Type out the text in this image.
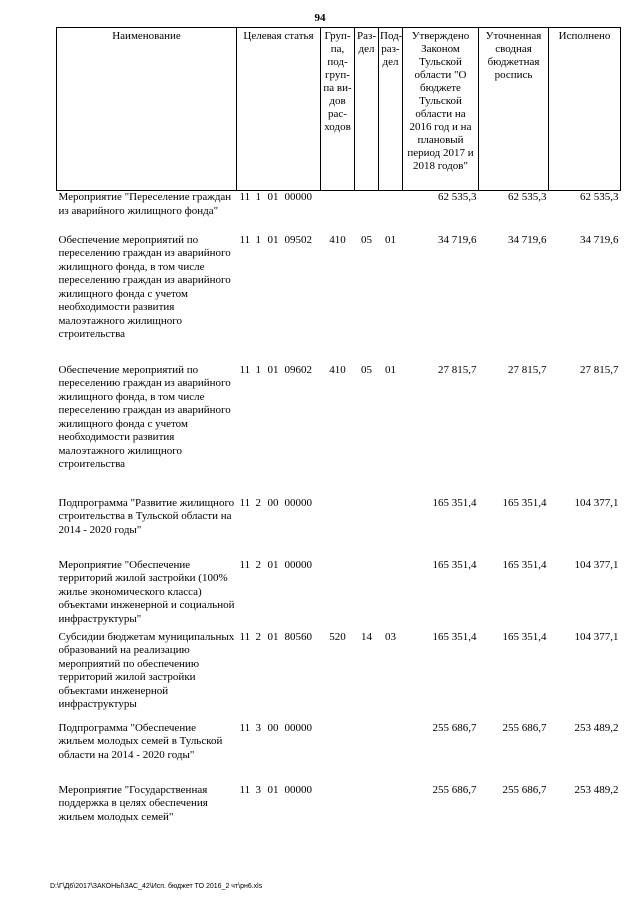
94
Наименование	Целевая статья	Груп-па, под-груп-па ви-дов рас-ходов	Раз-дел	Под-раз-дел	Утверждено Законом Тульской области "О бюджете Тульской области на 2016 год и на плановый период 2017 и 2018 годов"	Уточненная сводная бюджетная роспись	Исполнено
Мероприятие "Переселение граждан из аварийного жилищного фонда"	11 1 01 00000				62 535,3	62 535,3	62 535,3
Обеспечение мероприятий по переселению граждан из аварийного жилищного фонда, в том числе переселению граждан из аварийного жилищного фонда с учетом необходимости развития малоэтажного жилищного строительства	11 1 01 09502	410	05	01	34 719,6	34 719,6	34 719,6
Обеспечение мероприятий по переселению граждан из аварийного жилищного фонда, в том числе переселению граждан из аварийного жилищного фонда с учетом необходимости развития малоэтажного жилищного строительства	11 1 01 09602	410	05	01	27 815,7	27 815,7	27 815,7
Подпрограмма "Развитие жилищного строительства в Тульской области на 2014 - 2020 годы"	11 2 00 00000				165 351,4	165 351,4	104 377,1
Мероприятие "Обеспечение территорий жилой застройки (100% жилье экономического класса) объектами инженерной и социальной инфраструктуры"	11 2 01 00000				165 351,4	165 351,4	104 377,1
Субсидии бюджетам муниципальных образований на реализацию мероприятий по обеспечению территорий жилой застройки объектами инженерной инфраструктуры	11 2 01 80560	520	14	03	165 351,4	165 351,4	104 377,1
Подпрограмма "Обеспечение жильем молодых семей в Тульской области на 2014 - 2020 годы"	11 3 00 00000				255 686,7	255 686,7	253 489,2
Мероприятие "Государственная поддержка в целях обеспечения жильем молодых семей"	11 3 01 00000				255 686,7	255 686,7	253 489,2
D:\Г\Д6\2017\ЗАКОНЫ\ЗАС_42\Исп. бюджет ТО 2016_2 чт\рн6.xls
